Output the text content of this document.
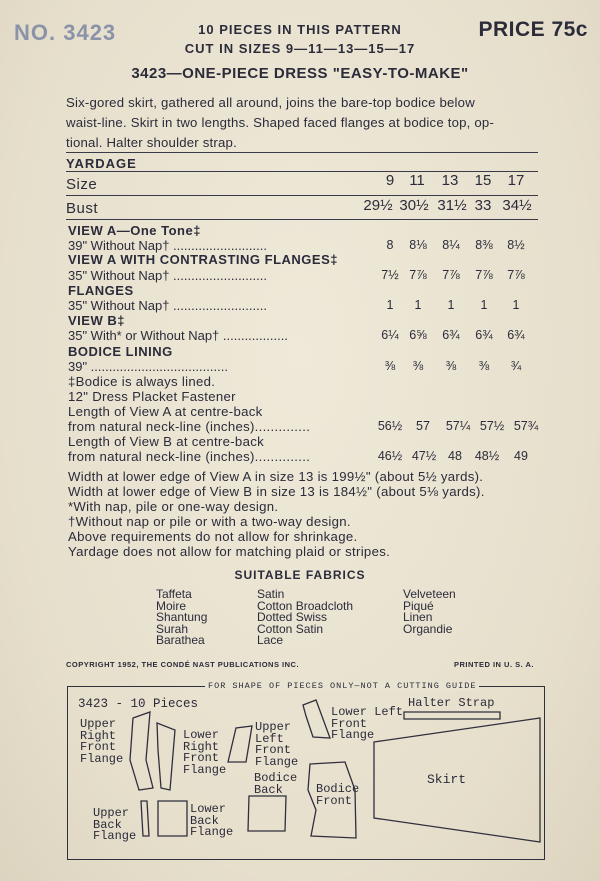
NO. 3423	10 PIECES IN THIS PATTERN
CUT IN SIZES 9—11—13—15—17
PRICE 75c
3423—ONE-PIECE DRESS "EASY-TO-MAKE"
Six-gored skirt, gathered all around, joins the bare-top bodice below
waist-line. Skirt in two lengths. Shaped faced flanges at bodice top, op-
tional. Halter shoulder strap.
YARDAGE
Size	9	11	13	15	17
Bust	29½ 30½ 31½ 33 34½
VIEW A—One Tone‡
39" Without Nap† ..........................	8	8⅛	8¼	8⅜	8½
VIEW A WITH CONTRASTING FLANGES‡
35" Without Nap† ..........................	7½ 7⅞	7⅞	7⅞	7⅞
FLANGES
35" Without Nap† ..........................	1	1	1	1	1
VIEW B‡
35" With* or Without Nap† ..................	6¼ 6⅝	6¾	6¾	6¾
BODICE LINING
39" ......................................	⅜	⅜	⅜	⅜	¾
‡Bodice is always lined.
12" Dress Placket Fastener
Length of View A at centre-back
from natural neck-line (inches)..............	56½	57	57¼ 57½ 57¾
Length of View B at centre-back
from natural neck-line (inches)..............	46½ 47½ 48	48½	49
Width at lower edge of View A in size 13 is 199½" (about 5½ yards).
Width at lower edge of View B in size 13 is 184½" (about 5⅛ yards).
*With nap, pile or one-way design.
†Without nap or pile or with a two-way design.
Above requirements do not allow for shrinkage.
Yardage does not allow for matching plaid or stripes.
SUITABLE FABRICS
Taffeta
Moire
Shantung
Surah
Barathea
Satin
Cotton Broadcloth
Dotted Swiss
Cotton Satin
Lace
Velveteen
Piqué
Linen
Organdie
COPYRIGHT 1952, THE CONDÉ NAST PUBLICATIONS INC.	PRINTED IN U. S. A.
FOR SHAPE OF PIECES ONLY—NOT A CUTTING GUIDE
3423 - 10 Pieces
Upper
Right
Front
Flange
Lower
Right
Front
Flange
Upper
Left
Front
Flange
Lower Left
Front
Flange
Halter Strap
Skirt
Bodice
Back	Bodice
Front
Upper
Back
Flange
Lower
Back
Flange
